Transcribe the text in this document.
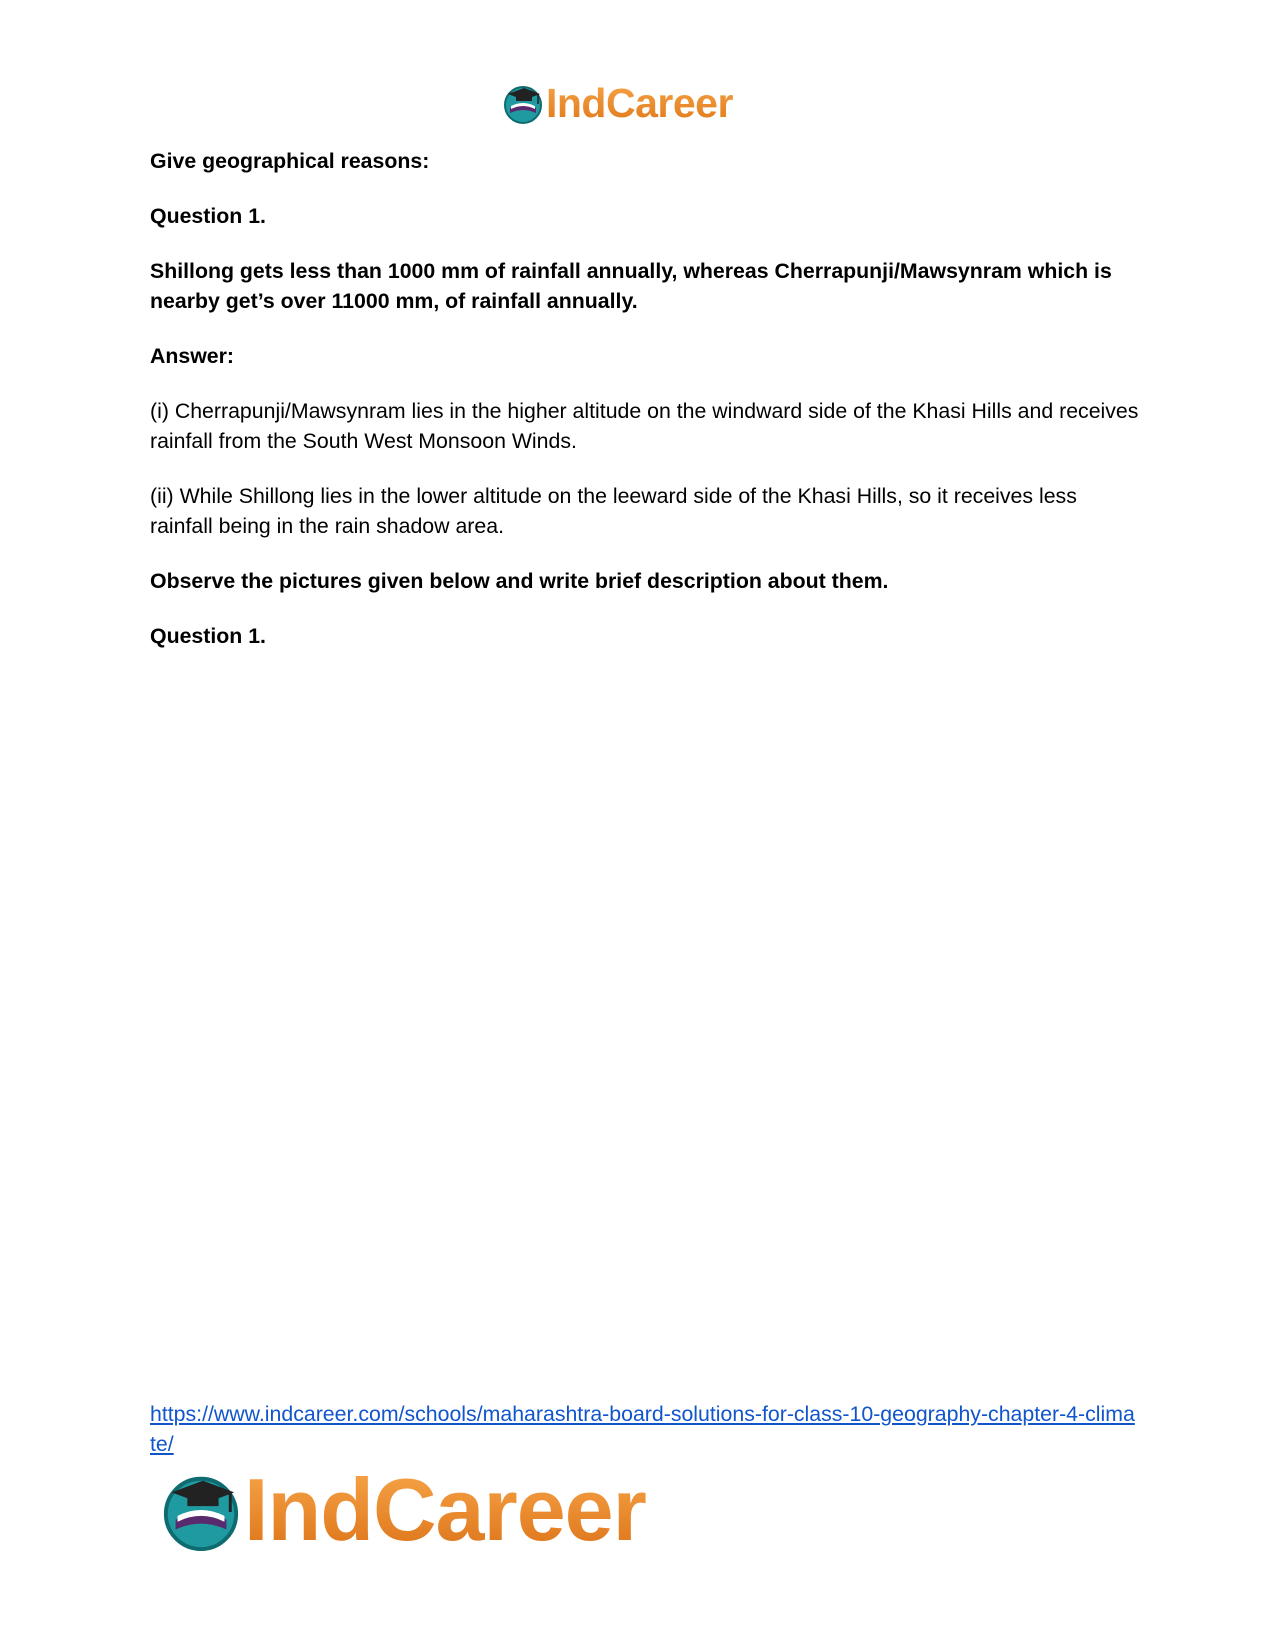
IndCareer

Give geographical reasons:

Question 1.

Shillong gets less than 1000 mm of rainfall annually, whereas Cherrapunji/Mawsynram which is nearby get’s over 11000 mm, of rainfall annually.

Answer:

(i) Cherrapunji/Mawsynram lies in the higher altitude on the windward side of the Khasi Hills and receives rainfall from the South West Monsoon Winds.

(ii) While Shillong lies in the lower altitude on the leeward side of the Khasi Hills, so it receives less rainfall being in the rain shadow area.

Observe the pictures given below and write brief description about them.

Question 1.

https://www.indcareer.com/schools/maharashtra-board-solutions-for-class-10-geography-chapter-4-climate/
IndCareer
